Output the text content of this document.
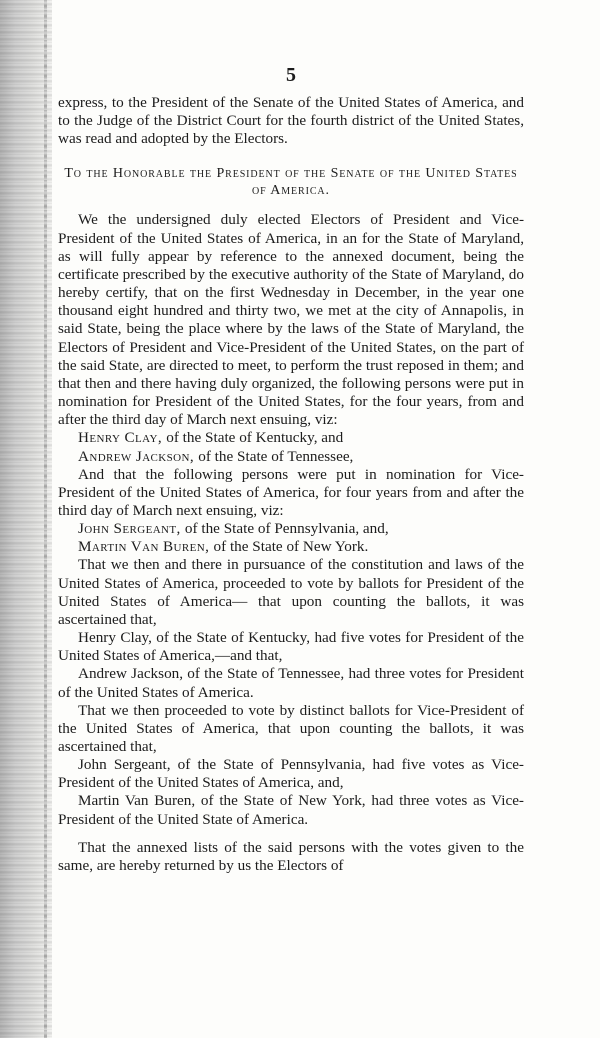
5

express, to the President of the Senate of the United States of America, and to the Judge of the District Court for the fourth district of the United States, was read and adopted by the Electors.

To the Honorable the President of the Senate of the United States of America.

We the undersigned duly elected Electors of President and Vice-President of the United States of America, in an for the State of Maryland, as will fully appear by reference to the annexed document, being the certificate prescribed by the executive authority of the State of Maryland, do hereby certify, that on the first Wednesday in December, in the year one thousand eight hundred and thirty two, we met at the city of Annapolis, in said State, being the place where by the laws of the State of Maryland, the Electors of President and Vice-President of the United States, on the part of the said State, are directed to meet, to perform the trust reposed in them; and that then and there having duly organized, the following persons were put in nomination for President of the United States, for the four years, from and after the third day of March next ensuing, viz:

Henry Clay, of the State of Kentucky, and

Andrew Jackson, of the State of Tennessee,

And that the following persons were put in nomination for Vice-President of the United States of America, for four years from and after the third day of March next ensuing, viz:

John Sergeant, of the State of Pennsylvania, and,

Martin Van Buren, of the State of New York.

That we then and there in pursuance of the constitution and laws of the United States of America, proceeded to vote by ballots for President of the United States of America— that upon counting the ballots, it was ascertained that,

Henry Clay, of the State of Kentucky, had five votes for President of the United States of America,—and that,

Andrew Jackson, of the State of Tennessee, had three votes for President of the United States of America.

That we then proceeded to vote by distinct ballots for Vice-President of the United States of America, that upon counting the ballots, it was ascertained that,

John Sergeant, of the State of Pennsylvania, had five votes as Vice-President of the United States of America, and,

Martin Van Buren, of the State of New York, had three votes as Vice-President of the United State of America.

That the annexed lists of the said persons with the votes given to the same, are hereby returned by us the Electors of
